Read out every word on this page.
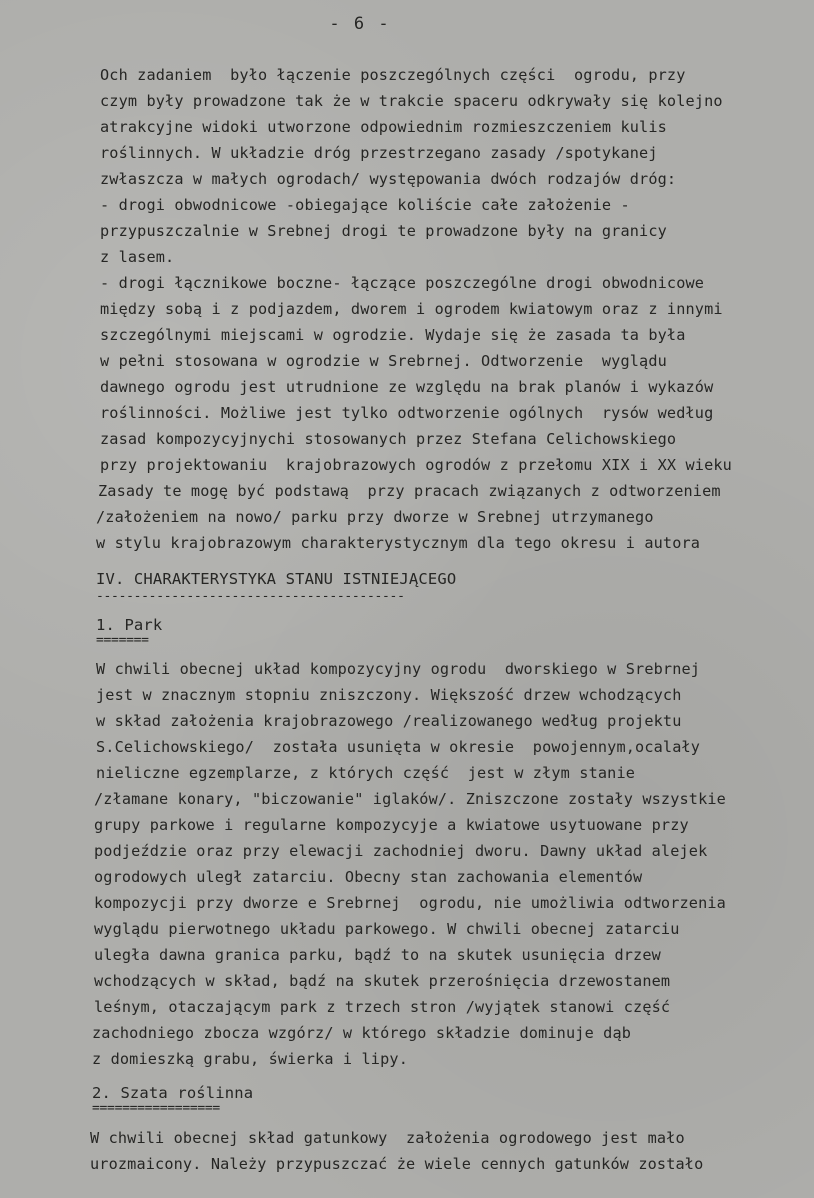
- 6 -
Och zadaniem  było łączenie poszczególnych części  ogrodu, przy
czym były prowadzone tak że w trakcie spaceru odkrywały się kolejno
atrakcyjne widoki utworzone odpowiednim rozmieszczeniem kulis
roślinnych. W układzie dróg przestrzegano zasady /spotykanej
zwłaszcza w małych ogrodach/ występowania dwóch rodzajów dróg:
- drogi obwodnicowe -obiegające koliście całe założenie -
przypuszczalnie w Srebnej drogi te prowadzone były na granicy
z lasem.
- drogi łącznikowe boczne- łączące poszczególne drogi obwodnicowe
między sobą i z podjazdem, dworem i ogrodem kwiatowym oraz z innymi
szczególnymi miejscami w ogrodzie. Wydaje się że zasada ta była
w pełni stosowana w ogrodzie w Srebrnej. Odtworzenie  wyglądu
dawnego ogrodu jest utrudnione ze względu na brak planów i wykazów
roślinności. Możliwe jest tylko odtworzenie ogólnych  rysów według
zasad kompozycyjnychi stosowanych przez Stefana Celichowskiego
przy projektowaniu  krajobrazowych ogrodów z przełomu XIX i XX wieku
Zasady te mogę być podstawą  przy pracach związanych z odtworzeniem
/założeniem na nowo/ parku przy dworze w Srebnej utrzymanego
w stylu krajobrazowym charakterystycznym dla tego okresu i autora
IV. CHARAKTERYSTYKA STANU ISTNIEJĄCEGO
-----------------------------------------
1. Park
=======
W chwili obecnej układ kompozycyjny ogrodu  dworskiego w Srebrnej
jest w znacznym stopniu zniszczony. Większość drzew wchodzących
w skład założenia krajobrazowego /realizowanego według projektu
S.Celichowskiego/  została usunięta w okresie  powojennym,ocalały
nieliczne egzemplarze, z których część  jest w złym stanie
/złamane konary, "biczowanie" iglaków/. Zniszczone zostały wszystkie
grupy parkowe i regularne kompozycyje a kwiatowe usytuowane przy
podjeździe oraz przy elewacji zachodniej dworu. Dawny układ alejek
ogrodowych uległ zatarciu. Obecny stan zachowania elementów
kompozycji przy dworze e Srebrnej  ogrodu, nie umożliwia odtworzenia
wyglądu pierwotnego układu parkowego. W chwili obecnej zatarciu
uległa dawna granica parku, bądź to na skutek usunięcia drzew
wchodzących w skład, bądź na skutek przerośnięcia drzewostanem
leśnym, otaczającym park z trzech stron /wyjątek stanowi część
zachodniego zbocza wzgórz/ w którego składzie dominuje dąb
z domieszką grabu, świerka i lipy.
2. Szata roślinna
=================
W chwili obecnej skład gatunkowy  założenia ogrodowego jest mało
urozmaicony. Należy przypuszczać że wiele cennych gatunków zostało
